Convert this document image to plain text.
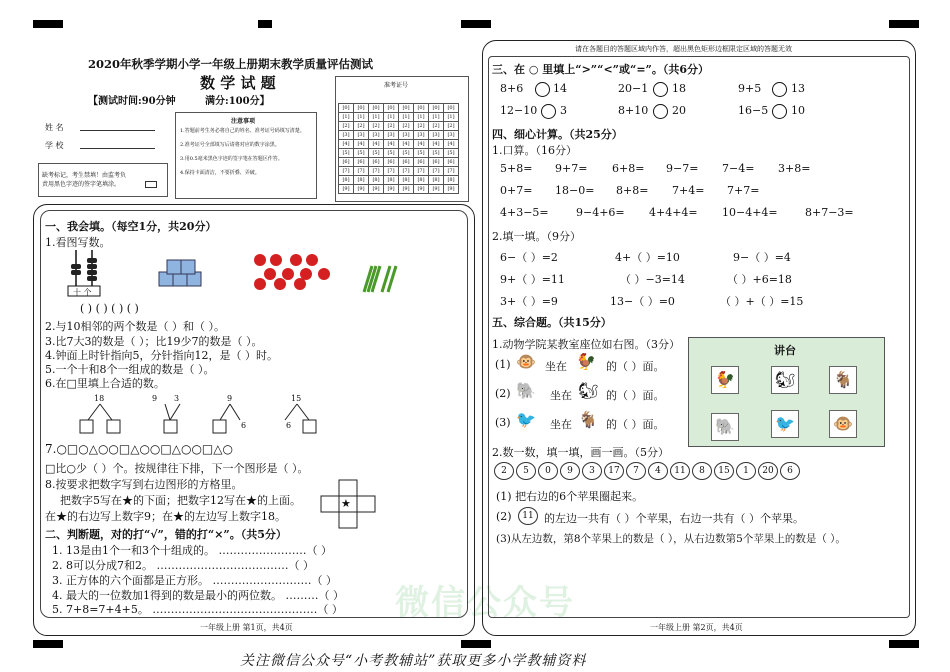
微信公众号
2020年秋季学期小学一年级上册期末教学质量评估测试
数 学 试 题
【测试时间:90分钟	满分:100分】
姓 名
学 校
缺考标记，考生禁填！由监考负责用黑色字迹的签字笔填涂。
注意事项
1.答题前考生务必将自己的姓名、准考证号码填写清楚。
2.准考证号全部填写后请将对应的数字涂黑。
3.用0.5毫米黑色字迹的签字笔在答题区作答。
4.保持卡面清洁，不要折叠、弄破。
准考证号
[0]	[0]	[0]	[0]	[0]	[0]	[0]	[0]
[1]	[1]	[1]	[1]	[1]	[1]	[1]	[1]
[2]	[2]	[2]	[2]	[2]	[2]	[2]	[2]
[3]	[3]	[3]	[3]	[3]	[3]	[3]	[3]
[4]	[4]	[4]	[4]	[4]	[4]	[4]	[4]
[5]	[5]	[5]	[5]	[5]	[5]	[5]	[5]
[6]	[6]	[6]	[6]	[6]	[6]	[6]	[6]
[7]	[7]	[7]	[7]	[7]	[7]	[7]	[7]
[8]	[8]	[8]	[8]	[8]	[8]	[8]	[8]
[9]	[9]	[9]	[9]	[9]	[9]	[9]	[9]
一、我会填。（每空1分，共20分）
1.看图写数。
十 个
( ) ( ) ( ) ( )
2.与10相邻的两个数是（ ）和（ ）。
3.比7大3的数是（ ）；比19少7的数是（ ）。
4.钟面上时针指向5，分针指向12，是（ ）时。
5.一个十和8个一组成的数是（ ）。
6.在□里填上合适的数。
18	9 3	9	15
6	6
7.○□○△○○□△○○□△○○□△○
□比○少（ ）个。按规律往下排，下一个图形是（ ）。
8.按要求把数字写到右边图形的方格里。
把数字5写在★的下面；把数字12写在★的上面。
在★的右边写上数字9；在★的左边写上数字18。
★
二、判断题，对的打“√”，错的打“×”。（共5分）
1. 13是由1个一和3个十组成的。 ……………………（ ）
2. 8可以分成7和2。 ………………………………（ ）
3. 正方体的六个面都是正方形。 ………………………（ ）
4. 最大的一位数加1得到的数是最小的两位数。 ………（ ）
5. 7+8=7+4+5。 ………………………………………（ ）
一年级上册 第1页，共4页
请在各题目的答题区域内作答，超出黑色矩形边框限定区域的答题无效
三、在 ○ 里填上“>”“<”或“=”。（共6分）
8+6	14	20−1 18	9+5	13
12−10 3	8+10 20	16−5 10
四、细心计算。（共25分）
1.口算。（16分）
5+8= 9+7= 6+8= 9−7= 7−4= 3+8=
0+7= 18−0= 8+8= 7+4= 7+7=
4+3−5= 9−4+6= 4+4+4= 10−4+4= 8+7−3=
2.填一填。（9分）
6−（ ）=2	4+（ ）=10	9−（ ）=4
9+（ ）=11	（ ）−3=14	（ ）+6=18
3+（ ）=9	13−（ ）=0	（ ）+（ ）=15
五、综合题。（共15分）
1.动物学院某教室座位如右图。（3分）
(1) 🐵 坐在 🐓 的（ ）面。
(2) 🐘 坐在 🐿 的（ ）面。
(3) 🐦 坐在 🐐 的（ ）面。
讲台
🐓 🐿 🐐
🐘	🐦 🐵
2.数一数，填一填，画一画。（5分）
2 5 0 9 3 17 7 4 11 8 15 1 20 6
(1) 把右边的6个苹果圈起来。
(2)	11 的左边一共有（ ）个苹果，右边一共有（ ）个苹果。
(3)从左边数，第8个苹果上的数是（ ），从右边数第5个苹果上的数是（ ）。
一年级上册 第2页，共4页
关注微信公众号“小考教辅站”获取更多小学教辅资料
